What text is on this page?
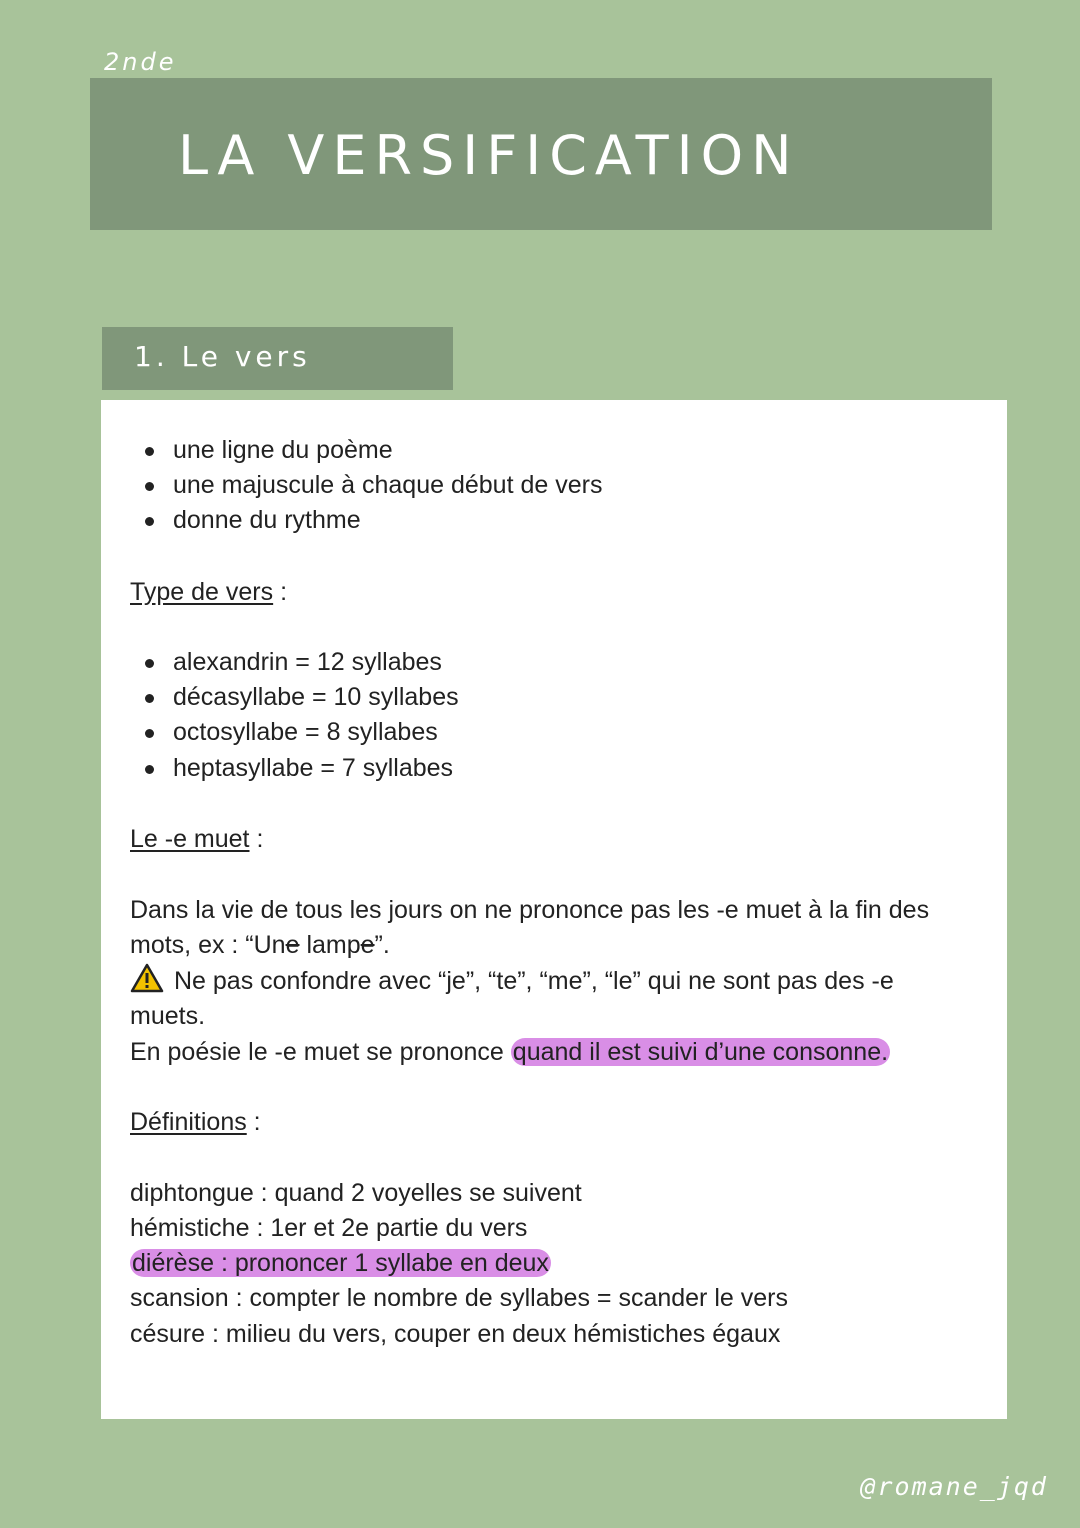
2nde
LA VERSIFICATION
1. Le vers
une ligne du poème
une majuscule à chaque début de vers
donne du rythme
Type de vers :
alexandrin = 12 syllabes
décasyllabe = 10 syllabes
octosyllabe = 8 syllabes
heptasyllabe = 7 syllabes
Le -e muet :
Dans la vie de tous les jours on ne prononce pas les -e muet à la fin des
mots, ex : “Une lampe”.
Ne pas confondre avec “je”, “te”, “me”, “le” qui ne sont pas des -e
muets.
En poésie le -e muet se prononce quand il est suivi d’une consonne.
Définitions :
diphtongue : quand 2 voyelles se suivent
hémistiche : 1er et 2e partie du vers
diérèse : prononcer 1 syllabe en deux
scansion : compter le nombre de syllabes = scander le vers
césure : milieu du vers, couper en deux hémistiches égaux
@romane_jqd
